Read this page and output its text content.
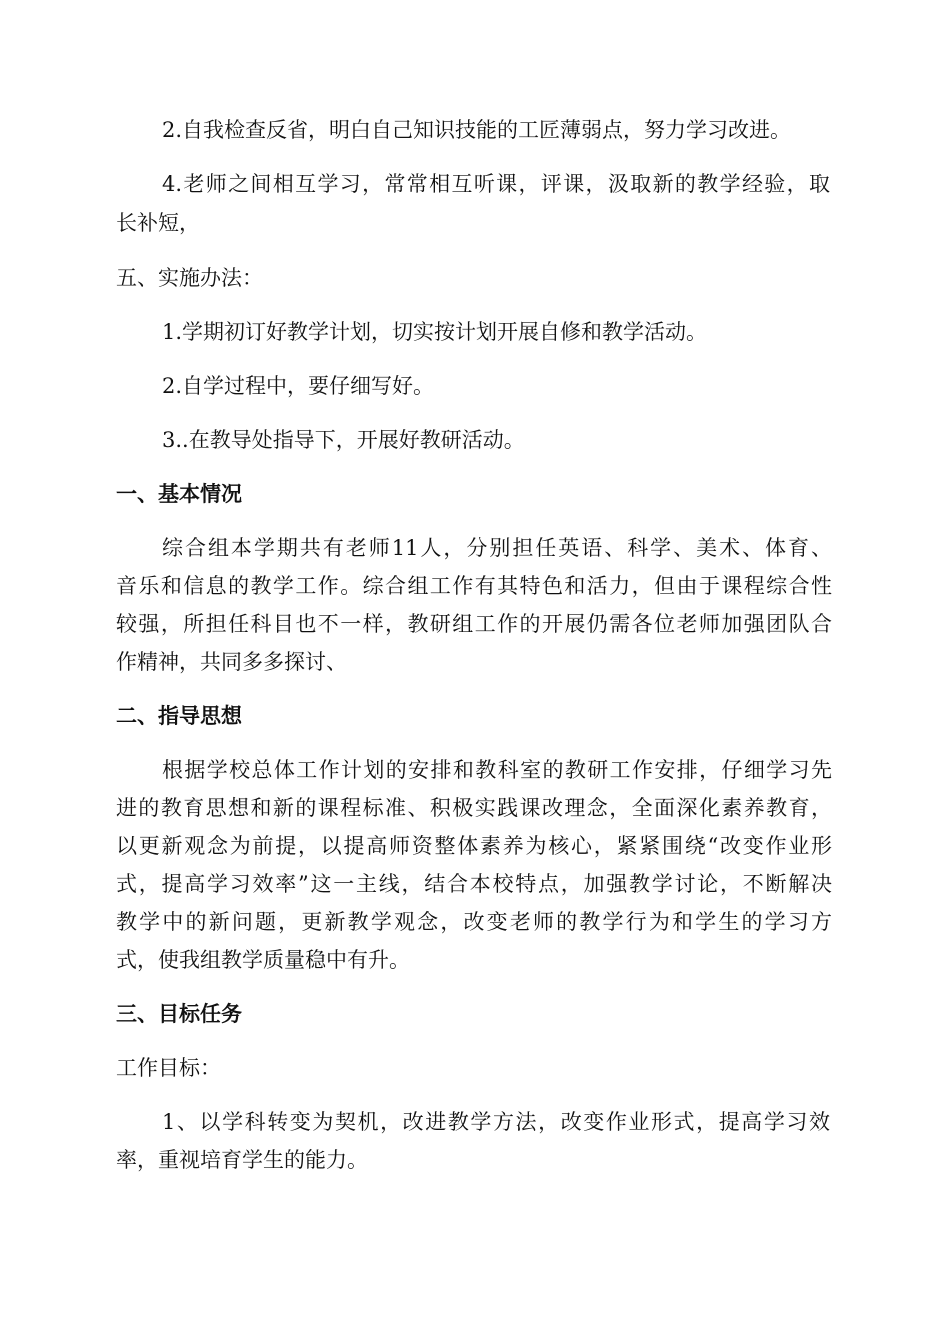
2.自我检查反省，明白自己知识技能的工匠薄弱点，努力学习改进。
4.老师之间相互学习，常常相互听课，评课，汲取新的教学经验，取
长补短，
五、实施办法：
1.学期初订好教学计划，切实按计划开展自修和教学活动。
2.自学过程中，要仔细写好。
3..在教导处指导下，开展好教研活动。
一、基本情况
综合组本学期共有老师11人，分别担任英语、科学、美术、体育、
音乐和信息的教学工作。综合组工作有其特色和活力，但由于课程综合性
较强，所担任科目也不一样，教研组工作的开展仍需各位老师加强团队合
作精神，共同多多探讨、
二、指导思想
根据学校总体工作计划的安排和教科室的教研工作安排，仔细学习先
进的教育思想和新的课程标准、积极实践课改理念，全面深化素养教育，
以更新观念为前提，以提高师资整体素养为核心，紧紧围绕“改变作业形
式，提高学习效率”这一主线，结合本校特点，加强教学讨论，不断解决
教学中的新问题，更新教学观念，改变老师的教学行为和学生的学习方
式，使我组教学质量稳中有升。
三、目标任务
工作目标：
1、以学科转变为契机，改进教学方法，改变作业形式，提高学习效
率，重视培育学生的能力。
